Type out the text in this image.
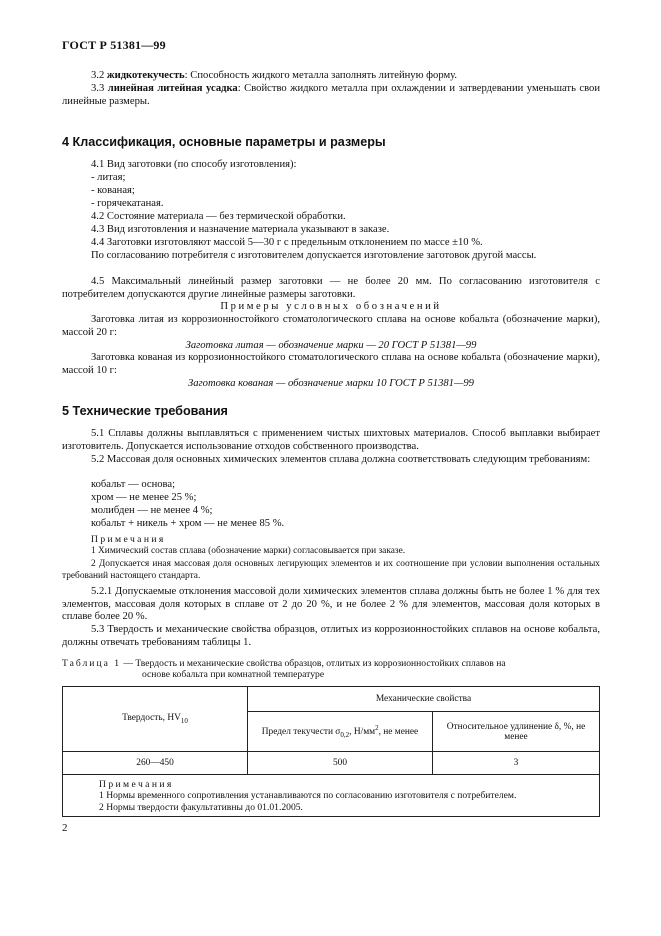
ГОСТ Р 51381—99
3.2 жидкотекучесть: Способность жидкого металла заполнять литейную форму.
3.3 линейная литейная усадка: Свойство жидкого металла при охлаждении и затвердевании уменьшать свои линейные размеры.
4 Классификация, основные параметры и размеры
4.1 Вид заготовки (по способу изготовления):
- литая;
- кованая;
- горячекатаная.
4.2 Состояние материала — без термической обработки.
4.3 Вид изготовления и назначение материала указывают в заказе.
4.4 Заготовки изготовляют массой 5—30 г с предельным отклонением по массе ±10 %.
По согласованию потребителя с изготовителем допускается изготовление заготовок другой массы.
4.5 Максимальный линейный размер заготовки — не более 20 мм. По согласованию изготовителя с потребителем допускаются другие линейные размеры заготовки.
Примеры условных обозначений
Заготовка литая из коррозионностойкого стоматологического сплава на основе кобальта (обозначение марки), массой 20 г:
Заготовка литая — обозначение марки — 20 ГОСТ Р 51381—99
Заготовка кованая из коррозионностойкого стоматологического сплава на основе кобальта (обозначение марки), массой 10 г:
Заготовка кованая — обозначение марки 10 ГОСТ Р 51381—99
5 Технические требования
5.1 Сплавы должны выплавляться с применением чистых шихтовых материалов. Способ выплавки выбирает изготовитель. Допускается использование отходов собственного производства.
5.2 Массовая доля основных химических элементов сплава должна соответствовать следующим требованиям:
кобальт — основа;
хром — не менее 25 %;
молибден — не менее 4 %;
кобальт + никель + хром — не менее 85 %.
Примечания
1 Химический состав сплава (обозначение марки) согласовывается при заказе.
2 Допускается иная массовая доля основных легирующих элементов и их соотношение при условии выполнения остальных требований настоящего стандарта.
5.2.1 Допускаемые отклонения массовой доли химических элементов сплава должны быть не более 1 % для тех элементов, массовая доля которых в сплаве от 2 до 20 %, и не более 2 % для элементов, массовая доля которых в сплаве более 20 %.
5.3 Твердость и механические свойства образцов, отлитых из коррозионностойких сплавов на основе кобальта, должны отвечать требованиям таблицы 1.
Таблица 1 — Твердость и механические свойства образцов, отлитых из коррозионностойких сплавов на
основе кобальта при комнатной температуре
Твердость, $HV_{10}$	Механические свойства	
	Предел текучести $\sigma_{0,2}$, $Н/мм^2$, не менее	Относительное удлинение δ, %, не менее
260—450	500	3
Примечания
1 Нормы временного сопротивления устанавливаются по согласованию изготовителя с потребителем.
2 Нормы твердости факультативны до 01.01.2005.
2
